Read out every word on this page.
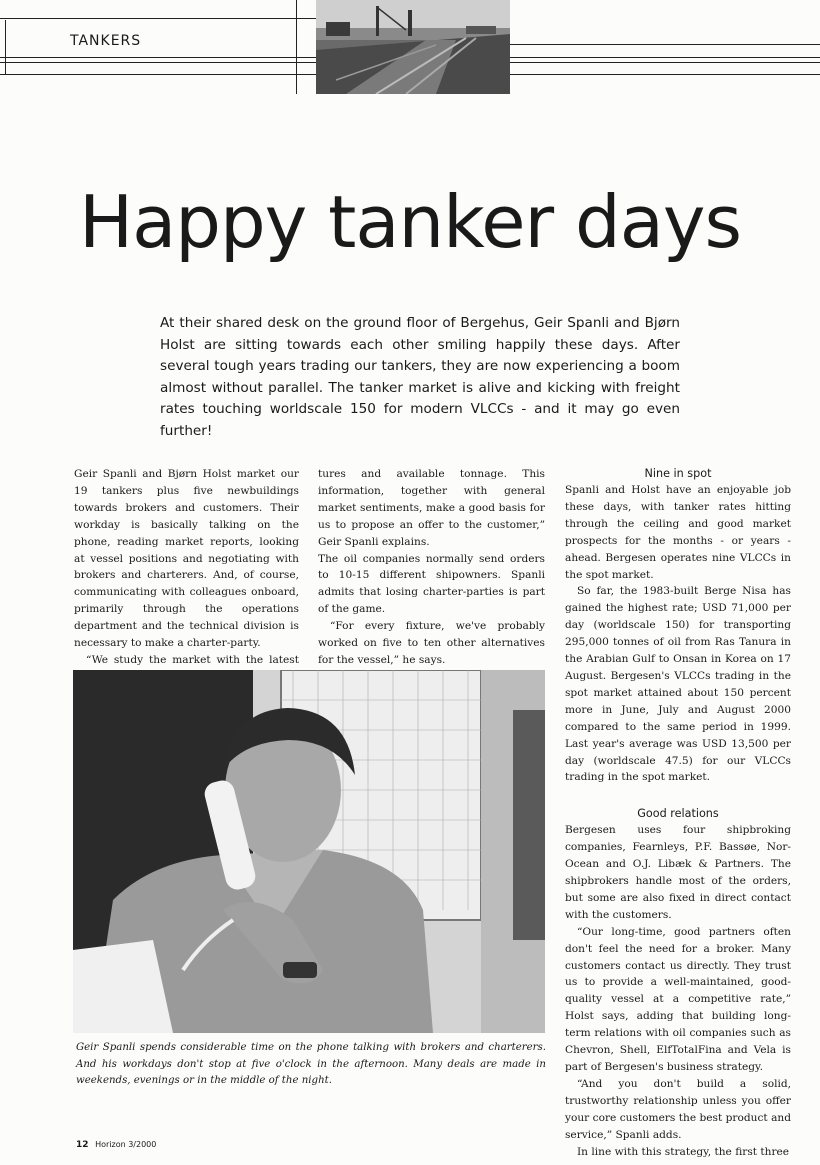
TANKERS
Happy tanker days

At their shared desk on the ground floor of Bergehus, Geir Spanli and Bjørn Holst are sitting towards each other smiling happily these days. After several tough years trading our tankers, they are now experiencing a boom almost without parallel. The tanker market is alive and kicking with freight rates touching worldscale 150 for modern VLCCs - and it may go even further!

Geir Spanli and Bjørn Holst market our 19 tankers plus five newbuildings towards brokers and customers. Their workday is basically talking on the phone, reading market reports, looking at vessel positions and negotiating with brokers and charterers. And, of course, communicating with colleagues onboard, primarily through the operations department and the technical division is necessary to make a charter-party.

“We study the market with the latest

tures and available tonnage. This information, together with general market sentiments, make a good basis for us to propose an offer to the customer,” Geir Spanli explains.

The oil companies normally send orders to 10-15 different shipowners. Spanli admits that losing charter-parties is part of the game.

“For every fixture, we've probably worked on five to ten other alternatives for the vessel,” he says.

Nine in spot

Spanli and Holst have an enjoyable job these days, with tanker rates hitting through the ceiling and good market prospects for the months - or years - ahead. Bergesen operates nine VLCCs in the spot market.

So far, the 1983-built Berge Nisa has gained the highest rate; USD 71,000 per day (worldscale 150) for transporting 295,000 tonnes of oil from Ras Tanura in the Arabian Gulf to Onsan in Korea on 17 August. Bergesen's VLCCs trading in the spot market attained about 150 percent more in June, July and August 2000 compared to the same period in 1999. Last year's average was USD 13,500 per day (worldscale 47.5) for our VLCCs trading in the spot market.

Good relations

Bergesen uses four shipbroking companies, Fearnleys, P.F. Bassøe, Nor-Ocean and O.J. Libæk & Partners. The shipbrokers handle most of the orders, but some are also fixed in direct contact with the customers.

“Our long-time, good partners often don't feel the need for a broker. Many customers contact us directly. They trust us to provide a well-maintained, good-quality vessel at a competitive rate,” Holst says, adding that building long-term relations with oil companies such as Chevron, Shell, ElfTotalFina and Vela is part of Bergesen's business strategy.

“And you don't build a solid, trustworthy relationship unless you offer your core customers the best product and service,” Spanli adds.

In line with this strategy, the first three

Geir Spanli spends considerable time on the phone talking with brokers and charterers. And his workdays don't stop at five o'clock in the afternoon. Many deals are made in weekends, evenings or in the middle of the night.

12 Horizon 3/2000
